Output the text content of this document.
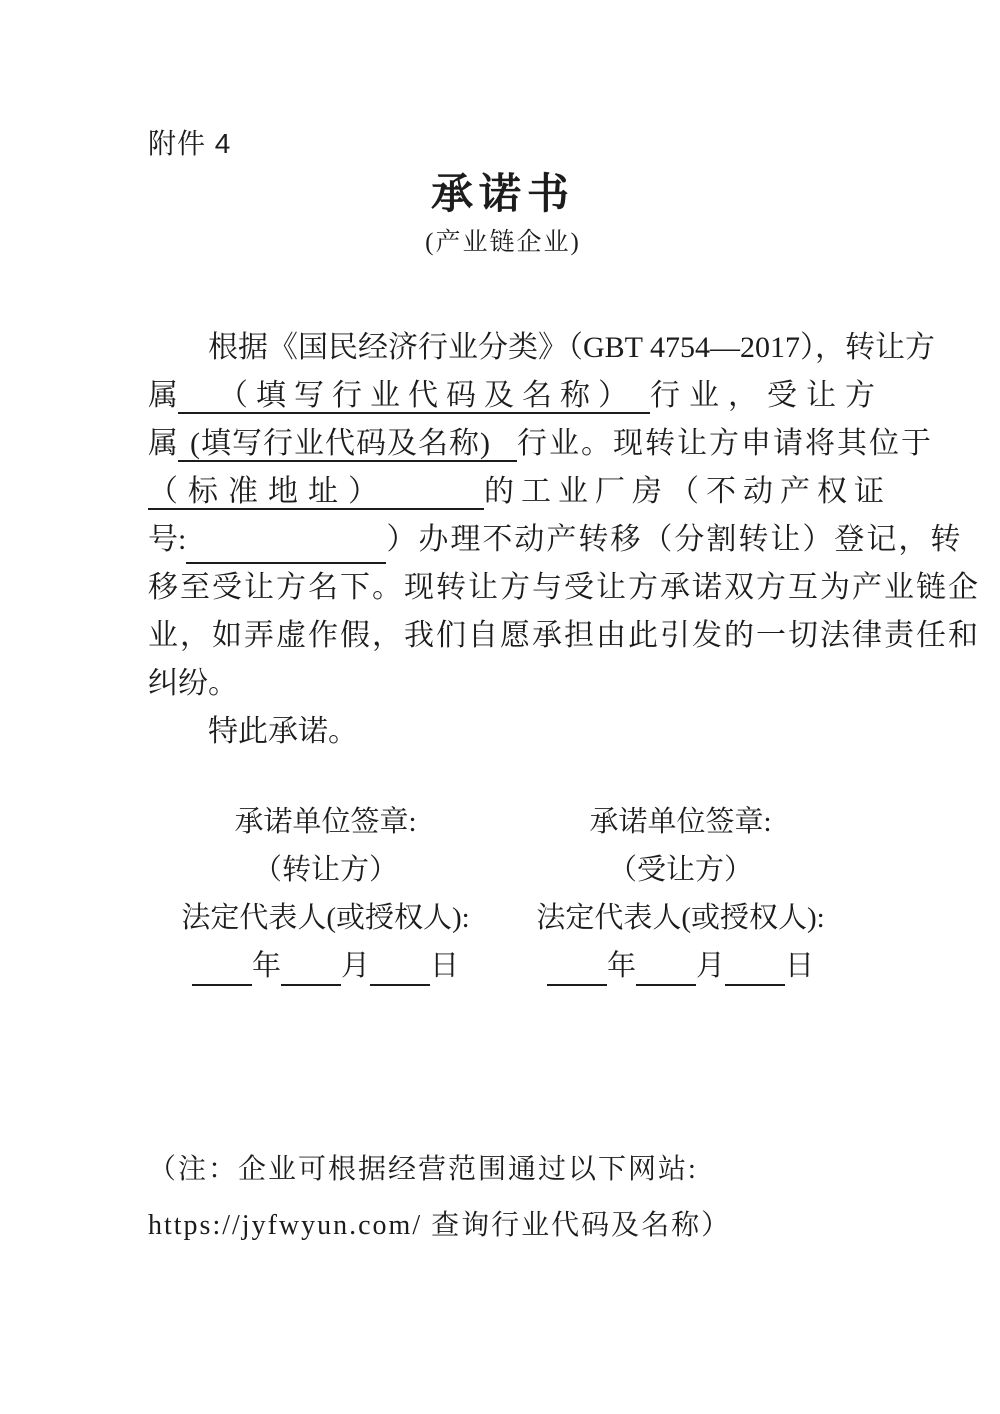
附件 4
承诺书
(产业链企业)
根据《国民经济行业分类》（GBT 4754—2017），转让方
属 （填写行业代码及名称） 行业，受让方
属 (填写行业代码及名称) 行业。现转让方申请将其位于
（标准地址）	的工业厂房（不动产权证
号:	）办理不动产转移（分割转让）登记，转
移至受让方名下。现转让方与受让方承诺双方互为产业链企
业，如弄虚作假，我们自愿承担由此引发的一切法律责任和
纠纷。
特此承诺。
承诺单位签章:
（转让方）
法定代表人(或授权人):
年 月 日
承诺单位签章:
（受让方）
法定代表人(或授权人):
年 月 日
（注：企业可根据经营范围通过以下网站:
https://jyfwyun.com/ 查询行业代码及名称）
